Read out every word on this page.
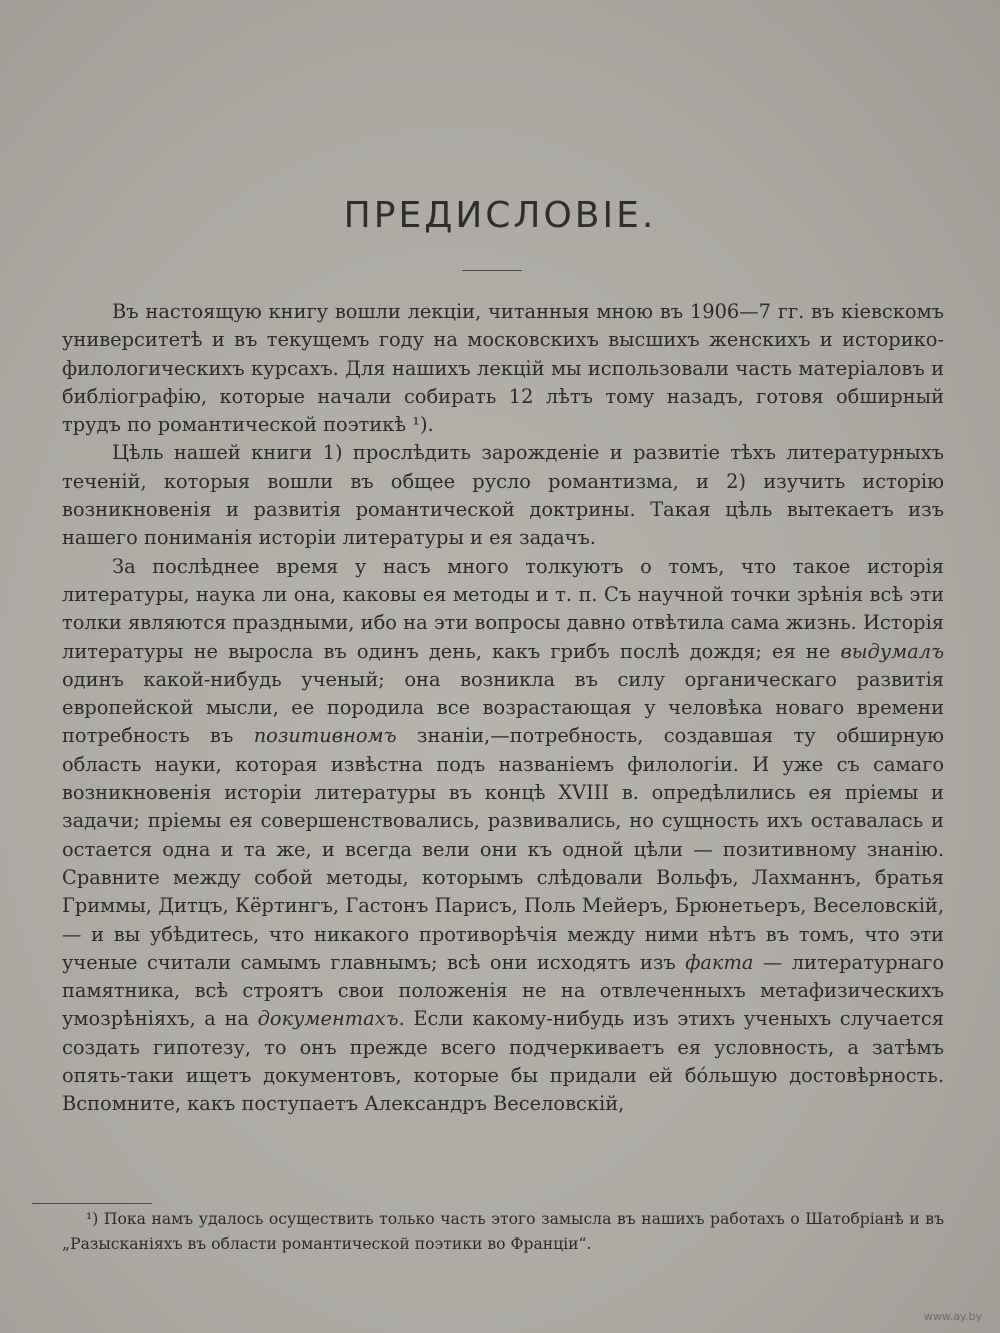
ПРЕДИСЛОВІЕ.

Въ настоящую книгу вошли лекціи, читанныя мною въ 1906—7 гг. въ кіевскомъ университетѣ и въ текущемъ году на московскихъ высшихъ женскихъ и историко-филологическихъ курсахъ. Для нашихъ лекцій мы использовали часть матеріаловъ и библіографію, которые начали собирать 12 лѣтъ тому назадъ, готовя обширный трудъ по романтической поэтикѣ ¹).

Цѣль нашей книги 1) прослѣдить зарожденіе и развитіе тѣхъ литературныхъ теченій, которыя вошли въ общее русло романтизма, и 2) изучить исторію возникновенія и развитія романтической доктрины. Такая цѣль вытекаетъ изъ нашего пониманія исторіи литературы и ея задачъ.

За послѣднее время у насъ много толкуютъ о томъ, что такое исторія литературы, наука ли она, каковы ея методы и т. п. Съ научной точки зрѣнія всѣ эти толки являются праздными, ибо на эти вопросы давно отвѣтила сама жизнь. Исторія литературы не выросла въ одинъ день, какъ грибъ послѣ дождя; ея не выдумалъ одинъ какой-нибудь ученый; она возникла въ силу органическаго развитія европейской мысли, ее породила все возрастающая у человѣка новаго времени потребность въ позитивномъ знаніи,—потребность, создавшая ту обширную область науки, которая извѣстна подъ названіемъ филологіи. И уже съ самаго возникновенія исторіи литературы въ концѣ XVIII в. опредѣлились ея пріемы и задачи; пріемы ея совершенствовались, развивались, но сущность ихъ оставалась и остается одна и та же, и всегда вели они къ одной цѣли — позитивному знанію. Сравните между собой методы, которымъ слѣдовали Вольфъ, Лахманнъ, братья Гриммы, Дитцъ, Кёртингъ, Гастонъ Парисъ, Поль Мейеръ, Брюнетьеръ, Веселовскій,— и вы убѣдитесь, что никакого противорѣчія между ними нѣтъ въ томъ, что эти ученые считали самымъ главнымъ; всѣ они исходятъ изъ факта — литературнаго памятника, всѣ строятъ свои положенія не на отвлеченныхъ метафизическихъ умозрѣніяхъ, а на документахъ. Если какому-нибудь изъ этихъ ученыхъ случается создать гипотезу, то онъ прежде всего подчеркиваетъ ея условность, а затѣмъ опять-таки ищетъ документовъ, которые бы придали ей бо́льшую достовѣрность. Вспомните, какъ поступаетъ Александръ Веселовскій,

¹) Пока намъ удалось осуществить только часть этого замысла въ нашихъ работахъ о Шатобріанѣ и въ „Разысканіяхъ въ области романтической поэтики во Франціи“.

www.ay.by
